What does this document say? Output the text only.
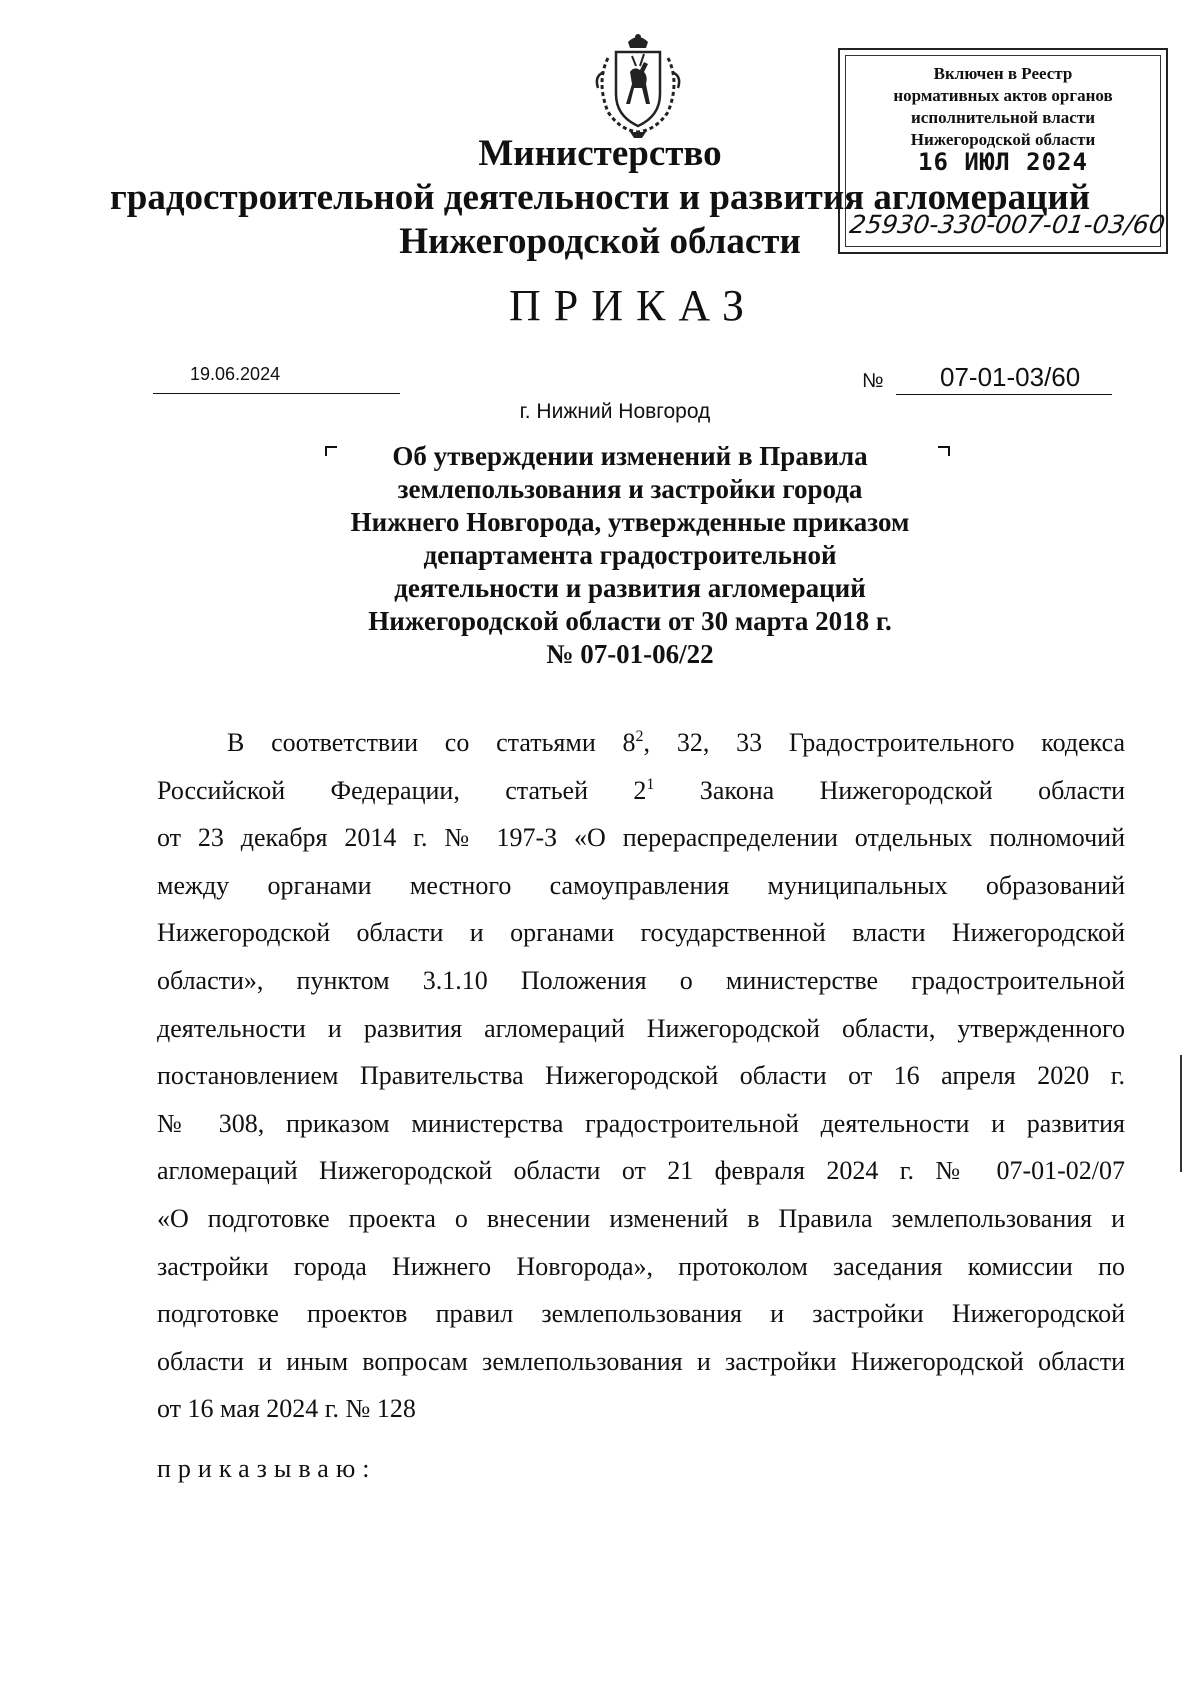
Включен в Реестр
нормативных актов органов
исполнительной власти
Нижегородской области
16 ИЮЛ 2024
25930-330-007-01-03/60
Министерство
градостроительной деятельности и развития агломераций
Нижегородской области
ПРИКАЗ
19.06.2024	№ 07-01-03/60
г. Нижний Новгород
Об утверждении изменений в Правила
землепользования и застройки города
Нижнего Новгорода, утвержденные приказом
департамента градостроительной
деятельности и развития агломераций
Нижегородской области от 30 марта 2018 г.
№ 07-01-06/22
В соответствии со статьями $8^2$, 32, 33 Градостроительного кодекса
Российской Федерации, статьей $2^1$ Закона Нижегородской области
от 23 декабря 2014 г. № 197-З «О перераспределении отдельных полномочий
между органами местного самоуправления муниципальных образований
Нижегородской области и органами государственной власти Нижегородской
области», пунктом 3.1.10 Положения о министерстве градостроительной
деятельности и развития агломераций Нижегородской области, утвержденного
постановлением Правительства Нижегородской области от 16 апреля 2020 г.
№ 308, приказом министерства градостроительной деятельности и развития
агломераций Нижегородской области от 21 февраля 2024 г. № 07-01-02/07
«О подготовке проекта о внесении изменений в Правила землепользования и
застройки города Нижнего Новгорода», протоколом заседания комиссии по
подготовке проектов правил землепользования и застройки Нижегородской
области и иным вопросам землепользования и застройки Нижегородской области
от 16 мая 2024 г. № 128
приказываю:
